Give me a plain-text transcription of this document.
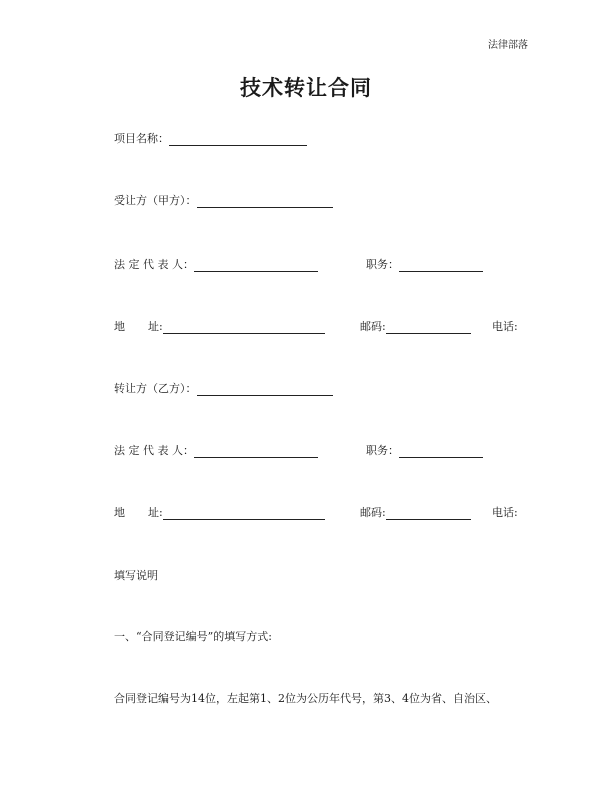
法律部落
技术转让合同
项目名称：
受让方（甲方）：
法 定 代 表 人：	职务：
地 址:	邮码:	电话:
转让方（乙方）：
法 定 代 表 人：	职务：
地 址:	邮码:	电话:
填写说明
一、“合同登记编号”的填写方式:
合同登记编号为14位，左起第1、2位为公历年代号，第3、4位为省、自治区、
